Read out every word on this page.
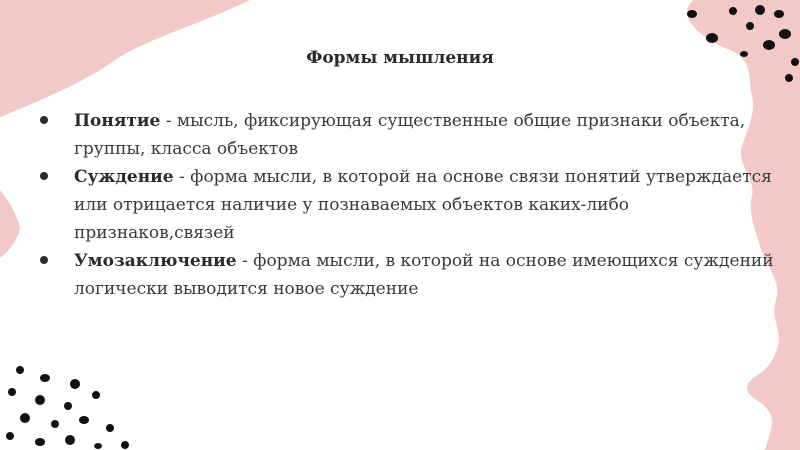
Формы мышления
Понятие - мысль, фиксирующая существенные общие признаки объекта, группы, класса объектов
Суждение - форма мысли, в которой на основе связи понятий утверждается или отрицается наличие у познаваемых объектов каких-либо признаков,связей
Умозаключение - форма мысли, в которой на основе имеющихся суждений логически выводится новое суждение
